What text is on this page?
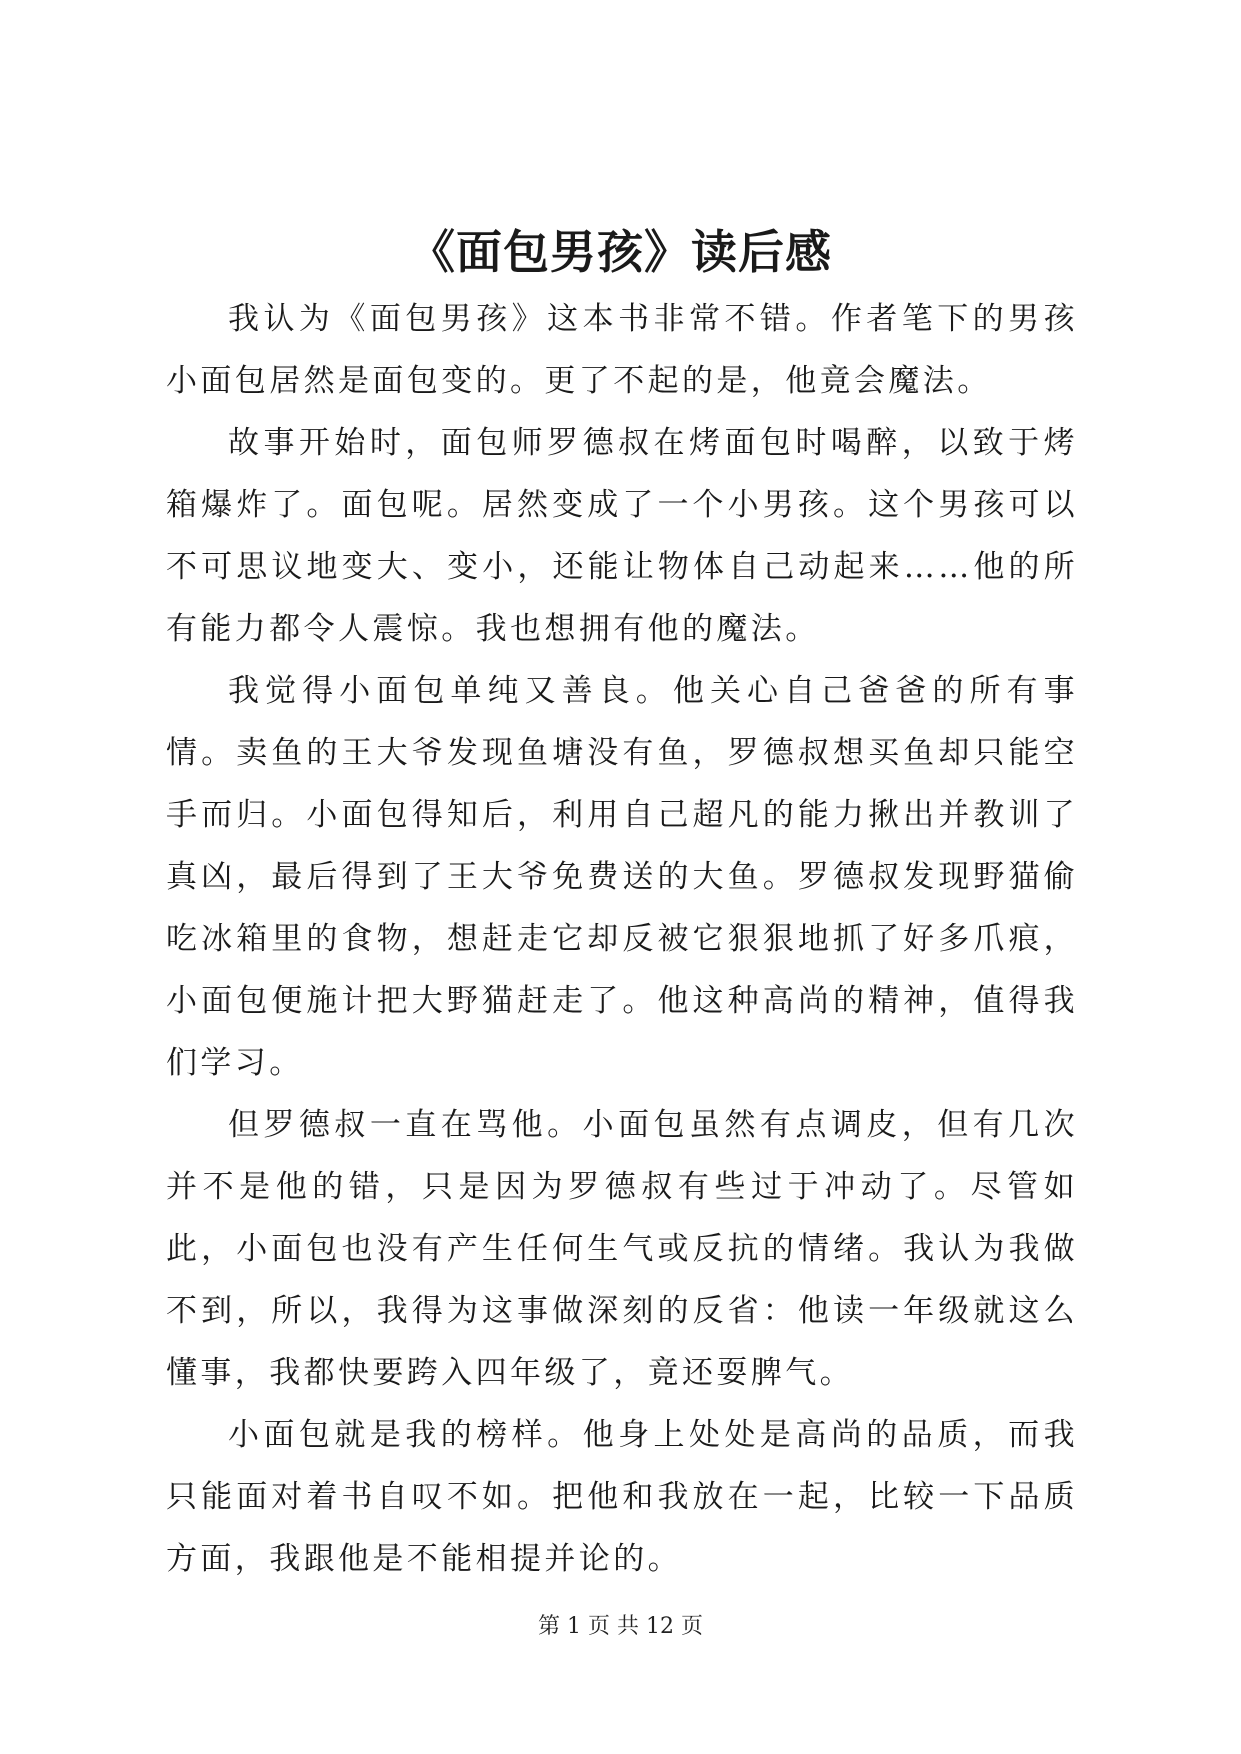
《面包男孩》读后感

我认为《面包男孩》这本书非常不错。作者笔下的男孩小面包居然是面包变的。更了不起的是，他竟会魔法。

故事开始时，面包师罗德叔在烤面包时喝醉，以致于烤箱爆炸了。面包呢。居然变成了一个小男孩。这个男孩可以不可思议地变大、变小，还能让物体自己动起来……他的所有能力都令人震惊。我也想拥有他的魔法。

我觉得小面包单纯又善良。他关心自己爸爸的所有事情。卖鱼的王大爷发现鱼塘没有鱼，罗德叔想买鱼却只能空手而归。小面包得知后，利用自己超凡的能力揪出并教训了真凶，最后得到了王大爷免费送的大鱼。罗德叔发现野猫偷吃冰箱里的食物，想赶走它却反被它狠狠地抓了好多爪痕，小面包便施计把大野猫赶走了。他这种高尚的精神，值得我们学习。

但罗德叔一直在骂他。小面包虽然有点调皮，但有几次并不是他的错，只是因为罗德叔有些过于冲动了。尽管如此，小面包也没有产生任何生气或反抗的情绪。我认为我做不到，所以，我得为这事做深刻的反省：他读一年级就这么懂事，我都快要跨入四年级了，竟还耍脾气。

小面包就是我的榜样。他身上处处是高尚的品质，而我只能面对着书自叹不如。把他和我放在一起，比较一下品质方面，我跟他是不能相提并论的。

第 1 页 共 12 页
